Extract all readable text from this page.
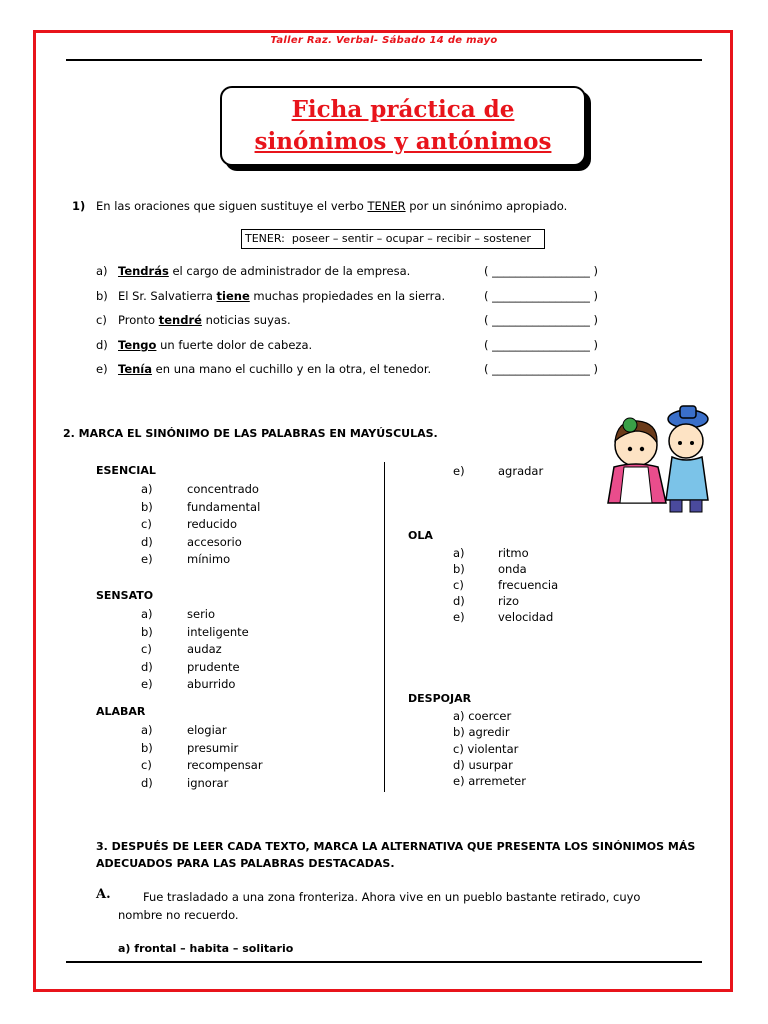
Taller Raz. Verbal- Sábado 14 de mayo
Ficha práctica de
sinónimos y antónimos
1) En las oraciones que siguen sustituye el verbo TENER por un sinónimo apropiado.
TENER: poseer – sentir – ocupar – recibir – sostener
a) Tendrás el cargo de administrador de la empresa.	( _________________ )
b) El Sr. Salvatierra tiene muchas propiedades en la sierra.	( _________________ )
c) Pronto tendré noticias suyas.	( _________________ )
d) Tengo un fuerte dolor de cabeza.	( _________________ )
e) Tenía en una mano el cuchillo y en la otra, el tenedor.	( _________________ )
2. MARCA EL SINÓNIMO DE LAS PALABRAS EN MAYÚSCULAS.
ESENCIAL
a)	concentrado
b)	fundamental
c)	reducido
d)	accesorio
e)	mínimo
SENSATO
a)	serio
b)	inteligente
c)	audaz
d)	prudente
e)	aburrido
ALABAR
a)	elogiar
b)	presumir
c)	recompensar
d)	ignorar
e)	agradar
OLA
a)	ritmo
b)	onda
c)	frecuencia
d)	rizo
e)	velocidad
DESPOJAR
a) coercer
b) agredir
c) violentar
d) usurpar
e) arremeter
3. DESPUÉS DE LEER CADA TEXTO, MARCA LA ALTERNATIVA QUE PRESENTA LOS SINÓNIMOS MÁS
ADECUADOS PARA LAS PALABRAS DESTACADAS.
A.	Fue trasladado a una zona fronteriza. Ahora vive en un pueblo bastante retirado, cuyo
nombre no recuerdo.
a) frontal – habita – solitario
